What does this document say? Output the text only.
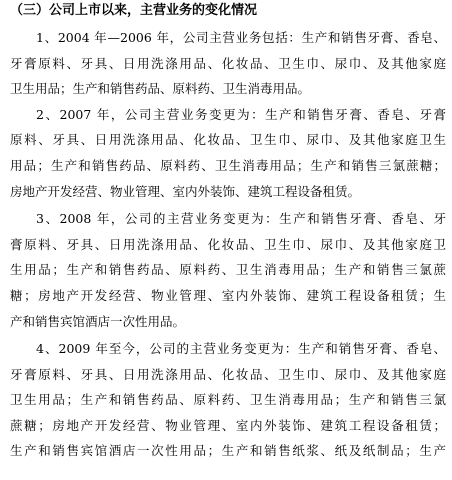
（三）公司上市以来，主营业务的变化情况
1、2004 年—2006 年，公司主营业务包括：生产和销售牙膏、香皂、
牙膏原料、牙具、日用洗涤用品、化妆品、卫生巾、尿巾、及其他家庭
卫生用品；生产和销售药品、原料药、卫生消毒用品。
2、2007 年，公司主营业务变更为：生产和销售牙膏、香皂、牙膏
原料、牙具、日用洗涤用品、化妆品、卫生巾、尿巾、及其他家庭卫生
用品；生产和销售药品、原料药、卫生消毒用品；生产和销售三氯蔗糖；
房地产开发经营、物业管理、室内外装饰、建筑工程设备租赁。
3、2008 年，公司的主营业务变更为：生产和销售牙膏、香皂、牙
膏原料、牙具、日用洗涤用品、化妆品、卫生巾、尿巾、及其他家庭卫
生用品；生产和销售药品、原料药、卫生消毒用品；生产和销售三氯蔗
糖；房地产开发经营、物业管理、室内外装饰、建筑工程设备租赁；生
产和销售宾馆酒店一次性用品。
4、2009 年至今，公司的主营业务变更为：生产和销售牙膏、香皂、
牙膏原料、牙具、日用洗涤用品、化妆品、卫生巾、尿巾、及其他家庭
卫生用品；生产和销售药品、原料药、卫生消毒用品；生产和销售三氯
蔗糖；房地产开发经营、物业管理、室内外装饰、建筑工程设备租赁；
生产和销售宾馆酒店一次性用品；生产和销售纸浆、纸及纸制品；生产
